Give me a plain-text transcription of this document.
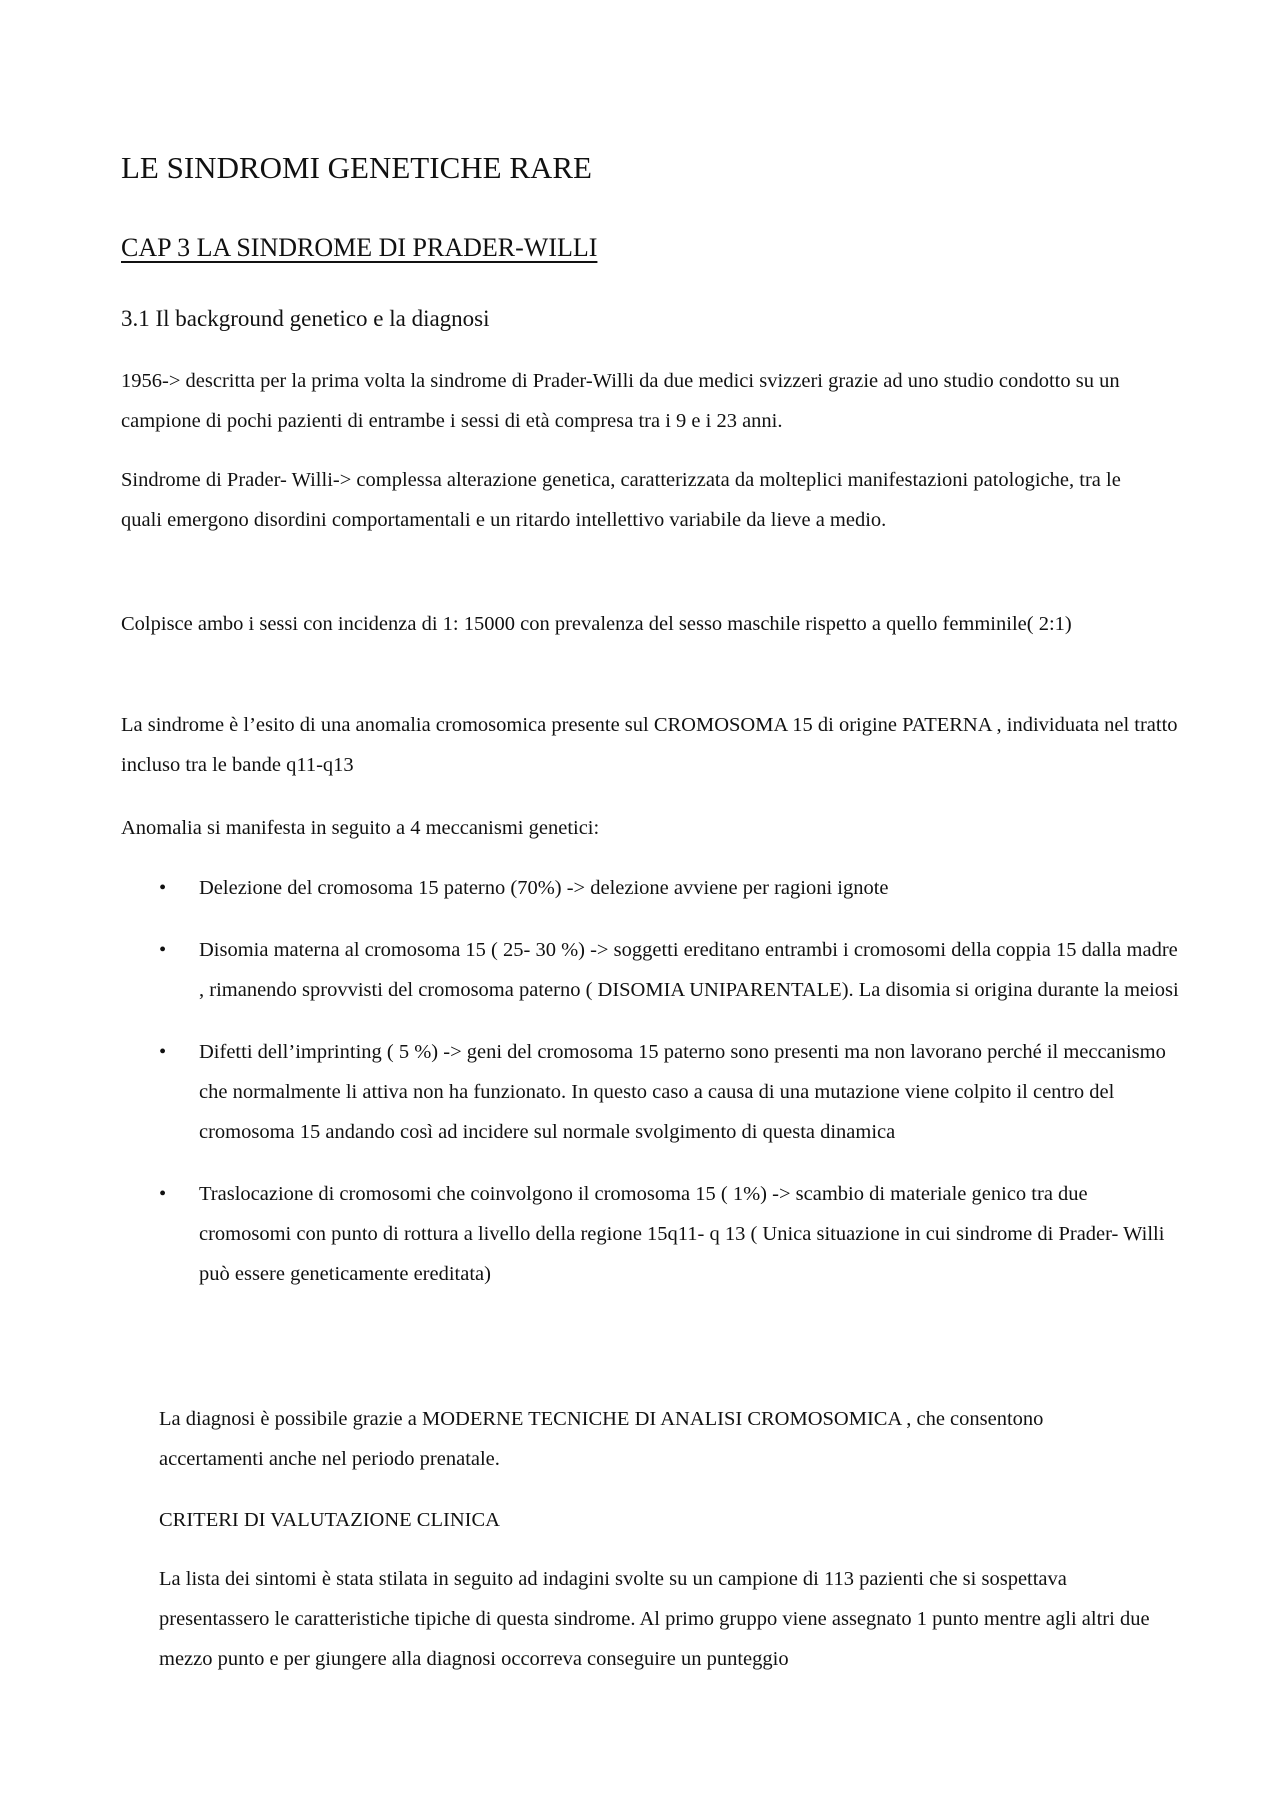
LE SINDROMI GENETICHE RARE
CAP 3 LA SINDROME DI PRADER-WILLI
3.1 Il background genetico e la diagnosi

1956-> descritta per la prima volta la sindrome di Prader-Willi da due medici svizzeri grazie ad uno studio condotto su un campione di pochi pazienti di entrambe i sessi di età compresa tra i 9 e i 23 anni.

Sindrome di Prader- Willi-> complessa alterazione genetica, caratterizzata da molteplici manifestazioni patologiche, tra le quali emergono disordini comportamentali e un ritardo intellettivo variabile da lieve a medio.

Colpisce ambo i sessi con incidenza di 1: 15000 con prevalenza del sesso maschile rispetto a quello femminile( 2:1)

La sindrome è l’esito di una anomalia cromosomica presente sul CROMOSOMA 15 di origine PATERNA , individuata nel tratto incluso tra le bande q11-q13

Anomalia si manifesta in seguito a 4 meccanismi genetici:

• Delezione del cromosoma 15 paterno (70%) -> delezione avviene per ragioni ignote
• Disomia materna al cromosoma 15 ( 25- 30 %) -> soggetti ereditano entrambi i cromosomi della coppia 15 dalla madre , rimanendo sprovvisti del cromosoma paterno ( DISOMIA UNIPARENTALE). La disomia si origina durante la meiosi
• Difetti dell’imprinting ( 5 %) -> geni del cromosoma 15 paterno sono presenti ma non lavorano perché il meccanismo che normalmente li attiva non ha funzionato. In questo caso a causa di una mutazione viene colpito il centro del cromosoma 15 andando così ad incidere sul normale svolgimento di questa dinamica
• Traslocazione di cromosomi che coinvolgono il cromosoma 15 ( 1%) -> scambio di materiale genico tra due cromosomi con punto di rottura a livello della regione 15q11- q 13 ( Unica situazione in cui sindrome di Prader- Willi può essere geneticamente ereditata)

La diagnosi è possibile grazie a MODERNE TECNICHE DI ANALISI CROMOSOMICA , che consentono accertamenti anche nel periodo prenatale.

CRITERI DI VALUTAZIONE CLINICA

La lista dei sintomi è stata stilata in seguito ad indagini svolte su un campione di 113 pazienti che si sospettava presentassero le caratteristiche tipiche di questa sindrome. Al primo gruppo viene assegnato 1 punto mentre agli altri due mezzo punto e per giungere alla diagnosi occorreva conseguire un punteggio
